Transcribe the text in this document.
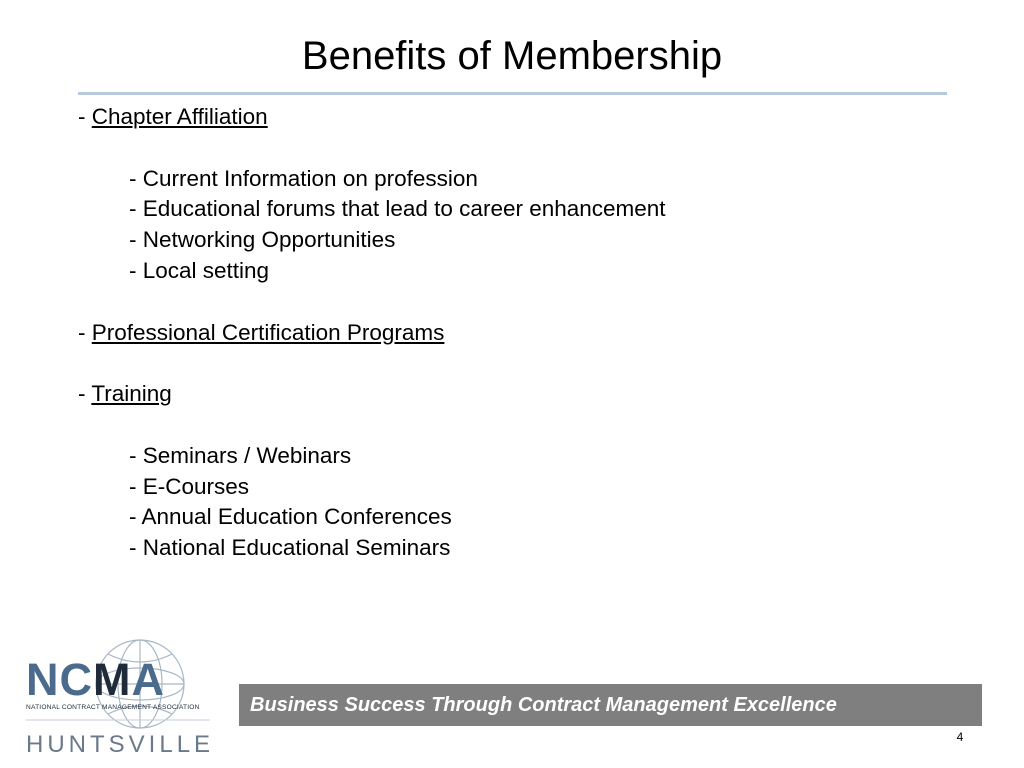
Benefits of Membership
- Chapter Affiliation
- Current Information on profession
- Educational forums that lead to career enhancement
- Networking Opportunities
- Local setting
- Professional Certification Programs
- Training
- Seminars / Webinars
- E-Courses
- Annual Education Conferences
- National Educational Seminars
NCMA
NATIONAL CONTRACT MANAGEMENT ASSOCIATION
HUNTSVILLE
Business Success Through Contract Management Excellence
4
